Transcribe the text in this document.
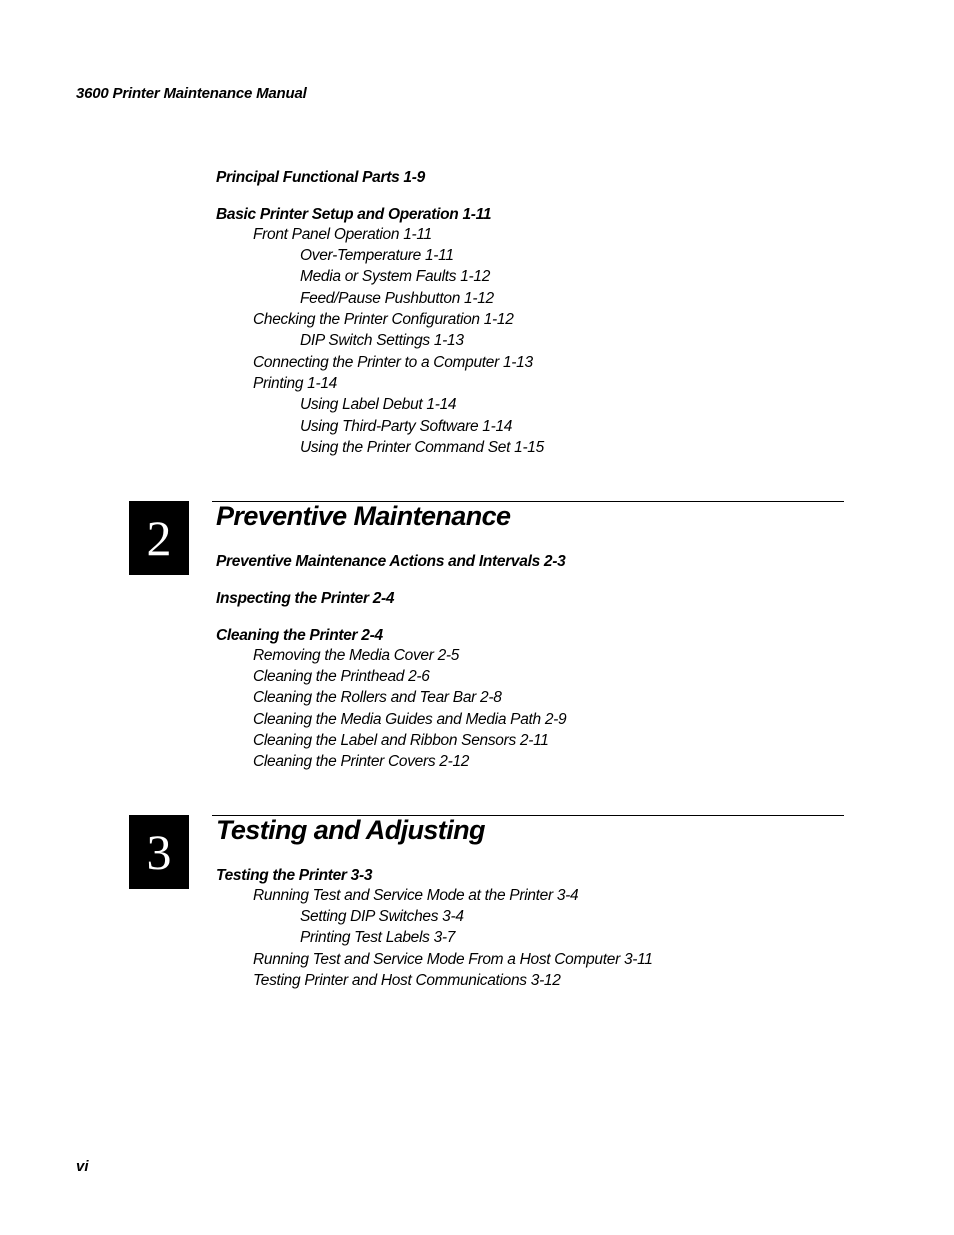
3600 Printer Maintenance Manual
Principal Functional Parts 1-9
Basic Printer Setup and Operation 1-11
Front Panel Operation 1-11
Over-Temperature 1-11
Media or System Faults 1-12
Feed/Pause Pushbutton 1-12
Checking the Printer Configuration 1-12
DIP Switch Settings 1-13
Connecting the Printer to a Computer 1-13
Printing 1-14
Using Label Debut 1-14
Using Third-Party Software 1-14
Using the Printer Command Set 1-15
2	Preventive Maintenance
Preventive Maintenance Actions and Intervals 2-3
Inspecting the Printer 2-4
Cleaning the Printer 2-4
Removing the Media Cover 2-5
Cleaning the Printhead 2-6
Cleaning the Rollers and Tear Bar 2-8
Cleaning the Media Guides and Media Path 2-9
Cleaning the Label and Ribbon Sensors 2-11
Cleaning the Printer Covers 2-12
3	Testing and Adjusting
Testing the Printer 3-3
Running Test and Service Mode at the Printer 3-4
Setting DIP Switches 3-4
Printing Test Labels 3-7
Running Test and Service Mode From a Host Computer 3-11
Testing Printer and Host Communications 3-12
vi
